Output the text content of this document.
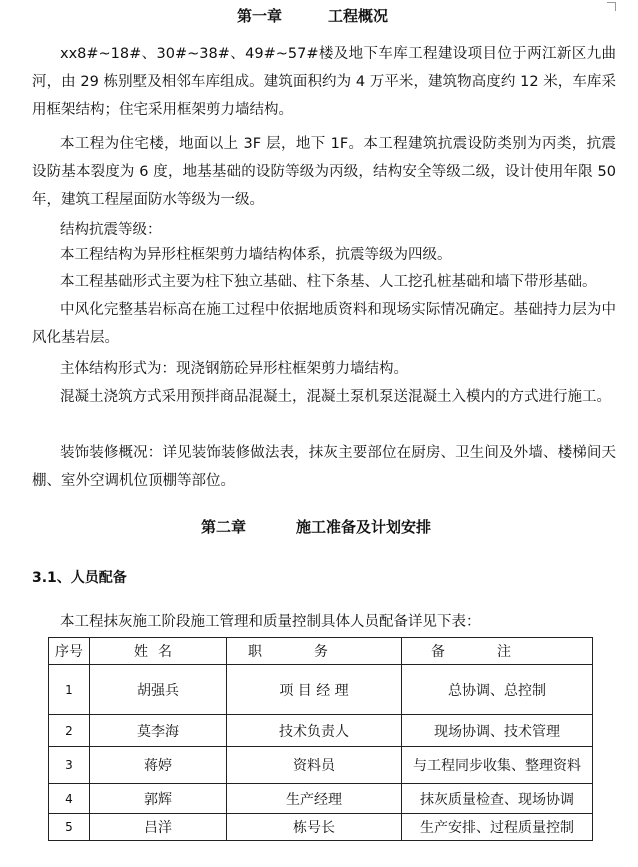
第一章	工程概况

xx8#~18#、30#~38#、49#~57#楼及地下车库工程建设项目位于两江新区九曲河，由 29 栋别墅及相邻车库组成。建筑面积约为 4 万平米，建筑物高度约 12 米，车库采用框架结构；住宅采用框架剪力墙结构。

本工程为住宅楼，地面以上 3F 层，地下 1F。本工程建筑抗震设防类别为丙类，抗震设防基本裂度为 6 度，地基基础的设防等级为丙级，结构安全等级二级，设计使用年限 50 年，建筑工程屋面防水等级为一级。

结构抗震等级：

本工程结构为异形柱框架剪力墙结构体系，抗震等级为四级。

本工程基础形式主要为柱下独立基础、柱下条基、人工挖孔桩基础和墙下带形基础。

中风化完整基岩标高在施工过程中依据地质资料和现场实际情况确定。基础持力层为中风化基岩层。

主体结构形式为：现浇钢筋砼异形柱框架剪力墙结构。

混凝土浇筑方式采用预拌商品混凝土，混凝土泵机泵送混凝土入模内的方式进行施工。

装饰装修概况：详见装饰装修做法表，抹灰主要部位在厨房、卫生间及外墙、楼梯间天棚、室外空调机位顶棚等部位。

第二章	施工准备及计划安排
3.1、人员配备

本工程抹灰施工阶段施工管理和质量控制具体人员配备详见下表：

序号	姓名	职务	备注
1	胡强兵	项 目 经 理	总协调、总控制
2	莫李海	技术负责人	现场协调、技术管理
3	蒋婷	资料员	与工程同步收集、整理资料
4	郭辉	生产经理	抹灰质量检查、现场协调
5	吕洋	栋号长	生产安排、过程质量控制
